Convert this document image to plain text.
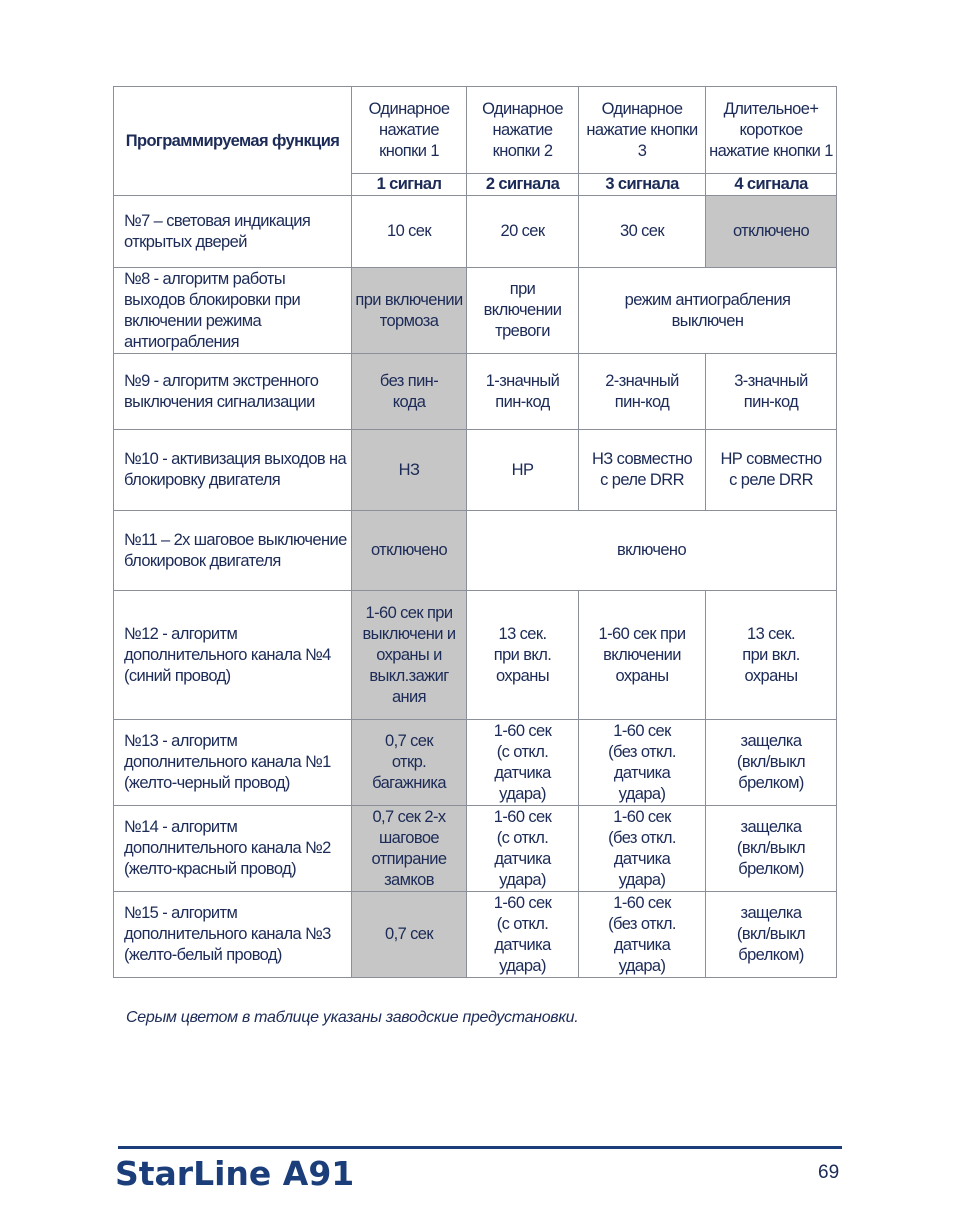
Программируемая функция	Одинарное нажатие кнопки 1	Одинарное нажатие кнопки 2	Одинарное нажатие кнопки 3	Длительное+ короткое нажатие кнопки 1
	1 сигнал	2 сигнала	3 сигнала	4 сигнала
№7 – световая индикация открытых дверей	10 сек	20 сек	30 сек	отключено
№8 - алгоритм работы выходов блокировки при включении режима антиограбления	при включении тормоза	при включении тревоги	режим антиограбления выключен	
№9 - алгоритм экстренного выключения сигнализации	без пин-кода	1-значный пин-код	2-значный пин-код	3-значный пин-код
№10 - активизация выходов на блокировку двигателя	НЗ	НР	НЗ совместно с реле DRR	НР совместно с реле DRR
№11 – 2х шаговое выключение блокировок двигателя	отключено	включено		
№12 - алгоритм дополнительного канала №4 (синий провод)	1-60 сек при выключени и охраны и выкл.зажиг ания	13 сек. при вкл. охраны	1-60 сек при включении охраны	13 сек. при вкл. охраны
№13 - алгоритм дополнительного канала №1 (желто-черный провод)	0,7 сек откр. багажника	1-60 сек (с откл. датчика удара)	1-60 сек (без откл. датчика удара)	защелка (вкл/выкл брелком)
№14 - алгоритм дополнительного канала №2 (желто-красный провод)	0,7 сек 2-х шаговое отпирание замков	1-60 сек (с откл. датчика удара)	1-60 сек (без откл. датчика удара)	защелка (вкл/выкл брелком)
№15 - алгоритм дополнительного канала №3 (желто-белый провод)	0,7 сек	1-60 сек (с откл. датчика удара)	1-60 сек (без откл. датчика удара)	защелка (вкл/выкл брелком)
Серым цветом в таблице указаны заводские предустановки.
StarLine A91	69
